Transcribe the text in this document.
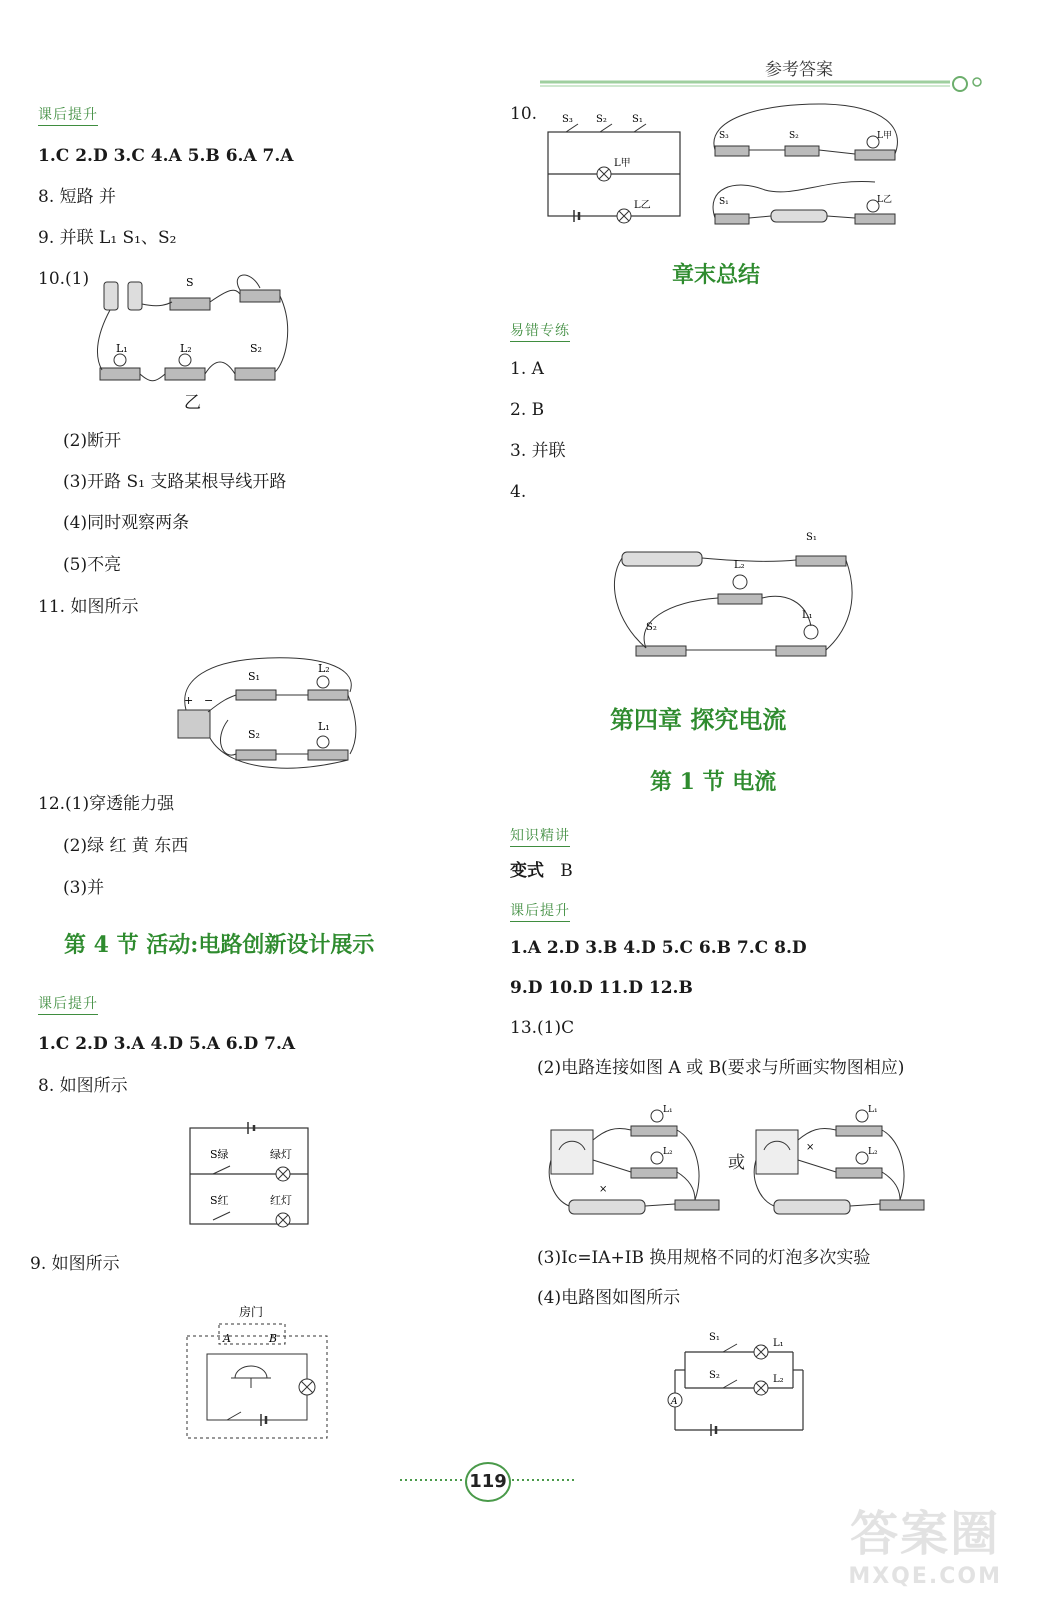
参考答案
课后提升
1.C 2.D 3.C 4.A 5.B 6.A 7.A
8. 短路 并
9. 并联 L₁ S₁、S₂
10.(1)	S
L₁	L₂	S₂
乙
(2)断开
(3)开路 S₁ 支路某根导线开路
(4)同时观察两条
(5)不亮
11. 如图所示
+ −
S₁
L₂
S₂
L₁
12.(1)穿透能力强
(2)绿 红 黄 东西
(3)并
第 4 节 活动:电路创新设计展示
课后提升
1.C 2.D 3.A 4.D 5.A 6.D 7.A
8. 如图所示
S绿	绿灯
S红	红灯
9. 如图所示
房门
A	B
10. S₃ S₂	S₁
L甲
L乙
S₃	S₂	L甲
S₁	L乙
章末总结
易错专练
1. A
2. B
3. 并联
4.
S₁
L₂
S₂
L₁
第四章 探究电流
第 1 节 电流
知识精讲
变式 B
课后提升
1.A 2.D 3.B 4.D 5.C 6.B 7.C 8.D
9.D 10.D 11.D 12.B
13.(1)C
(2)电路连接如图 A 或 B(要求与所画实物图相应)
×
L₁
L₂
或
×
L₁
L₂
(3)Ic=IA+IB 换用规格不同的灯泡多次实验
(4)电路图如图所示
S₁
L₁
S₂	L₂
A
119
答案圈
MXQE.COM
